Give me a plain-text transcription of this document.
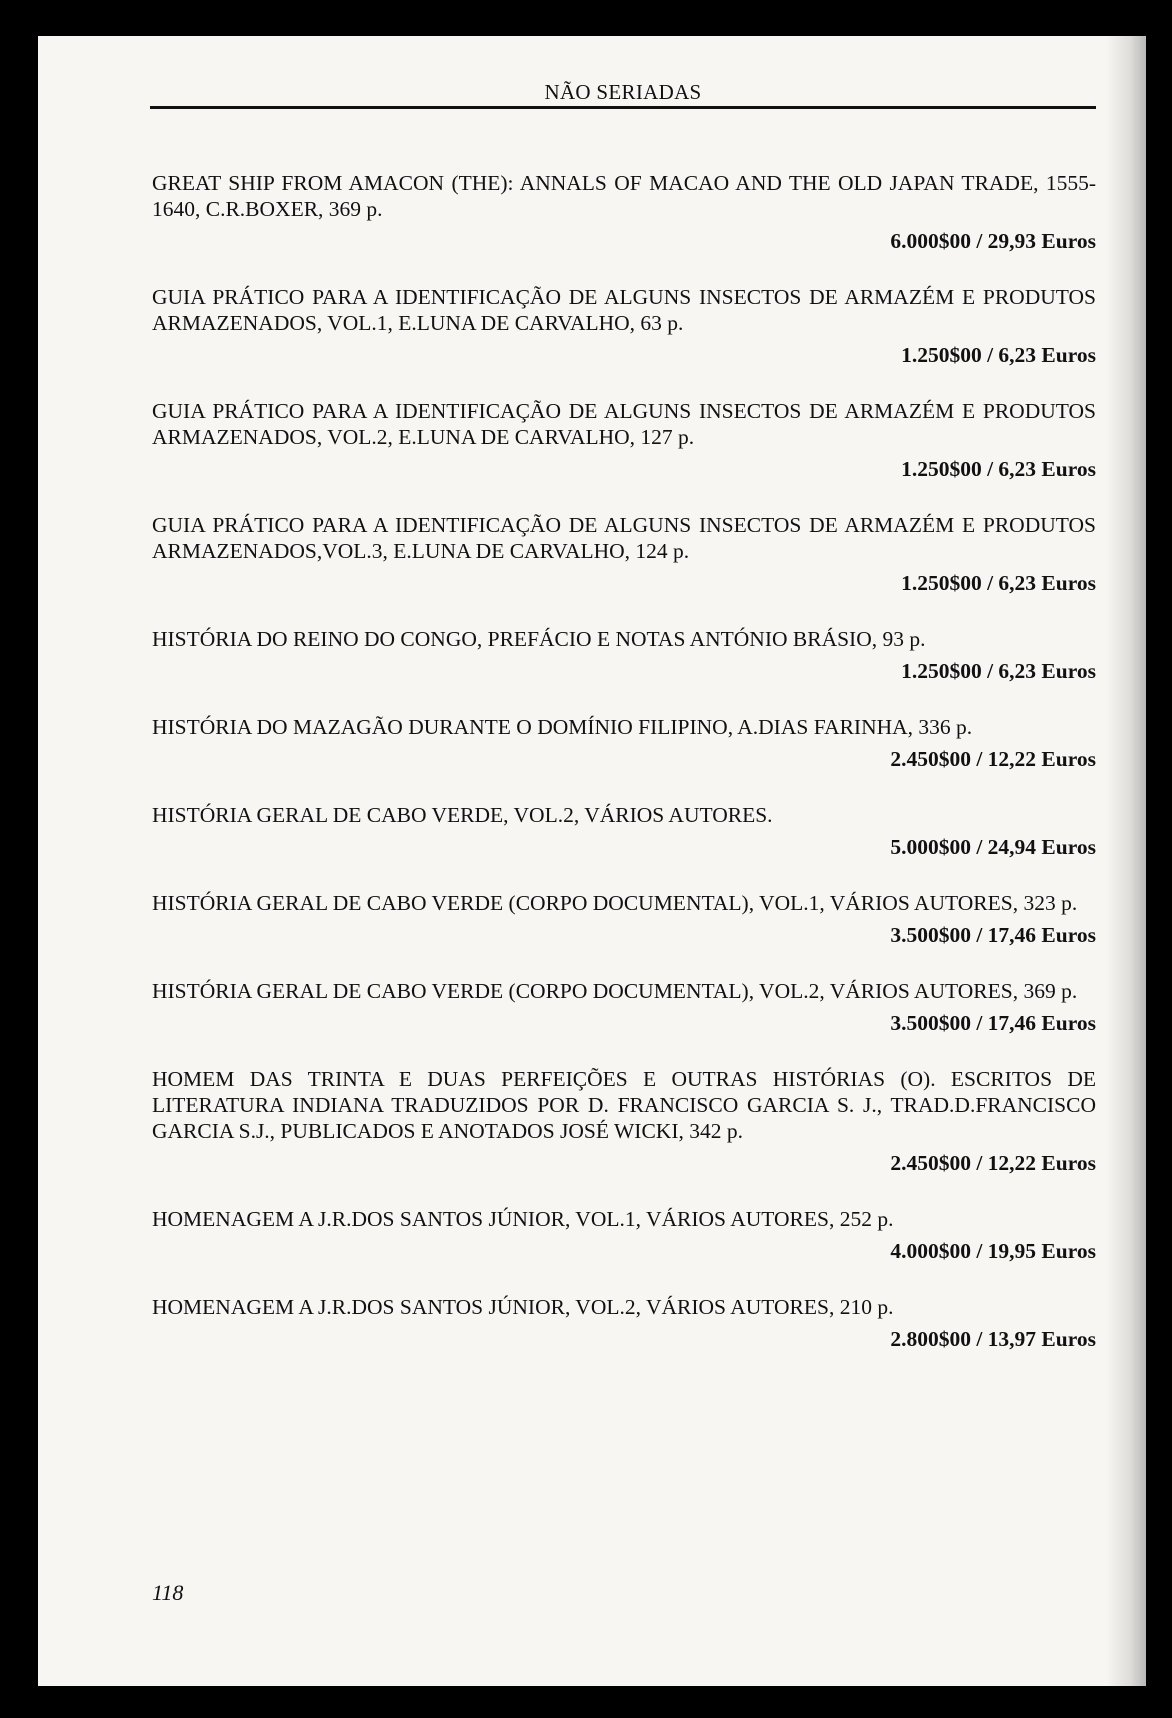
NÃO SERIADAS
GREAT SHIP FROM AMACON (THE): ANNALS OF MACAO AND THE OLD JAPAN TRADE, 1555-1640, C.R.BOXER, 369 p.
6.000$00 / 29,93 Euros
GUIA PRÁTICO PARA A IDENTIFICAÇÃO DE ALGUNS INSECTOS DE ARMAZÉM E PRODUTOS ARMAZENADOS, VOL.1, E.LUNA DE CARVALHO, 63 p.
1.250$00 / 6,23 Euros
GUIA PRÁTICO PARA A IDENTIFICAÇÃO DE ALGUNS INSECTOS DE ARMAZÉM E PRODUTOS ARMAZENADOS, VOL.2, E.LUNA DE CARVALHO, 127 p.
1.250$00 / 6,23 Euros
GUIA PRÁTICO PARA A IDENTIFICAÇÃO DE ALGUNS INSECTOS DE ARMAZÉM E PRODUTOS ARMAZENADOS,VOL.3, E.LUNA DE CARVALHO, 124 p.
1.250$00 / 6,23 Euros
HISTÓRIA DO REINO DO CONGO, PREFÁCIO E NOTAS ANTÓNIO BRÁSIO, 93 p.
1.250$00 / 6,23 Euros
HISTÓRIA DO MAZAGÃO DURANTE O DOMÍNIO FILIPINO, A.DIAS FARINHA, 336 p.
2.450$00 / 12,22 Euros
HISTÓRIA GERAL DE CABO VERDE, VOL.2, VÁRIOS AUTORES.
5.000$00 / 24,94 Euros
HISTÓRIA GERAL DE CABO VERDE (CORPO DOCUMENTAL), VOL.1, VÁRIOS AUTORES, 323 p.
3.500$00 / 17,46 Euros
HISTÓRIA GERAL DE CABO VERDE (CORPO DOCUMENTAL), VOL.2, VÁRIOS AUTORES, 369 p.
3.500$00 / 17,46 Euros
HOMEM DAS TRINTA E DUAS PERFEIÇÕES E OUTRAS HISTÓRIAS (O). ESCRITOS DE LITERATURA INDIANA TRADUZIDOS POR D. FRANCISCO GARCIA S. J., TRAD.D.FRANCISCO GARCIA S.J., PUBLICADOS E ANOTADOS JOSÉ WICKI, 342 p.
2.450$00 / 12,22 Euros
HOMENAGEM A J.R.DOS SANTOS JÚNIOR, VOL.1, VÁRIOS AUTORES, 252 p.
4.000$00 / 19,95 Euros
HOMENAGEM A J.R.DOS SANTOS JÚNIOR, VOL.2, VÁRIOS AUTORES, 210 p.
2.800$00 / 13,97 Euros
118
